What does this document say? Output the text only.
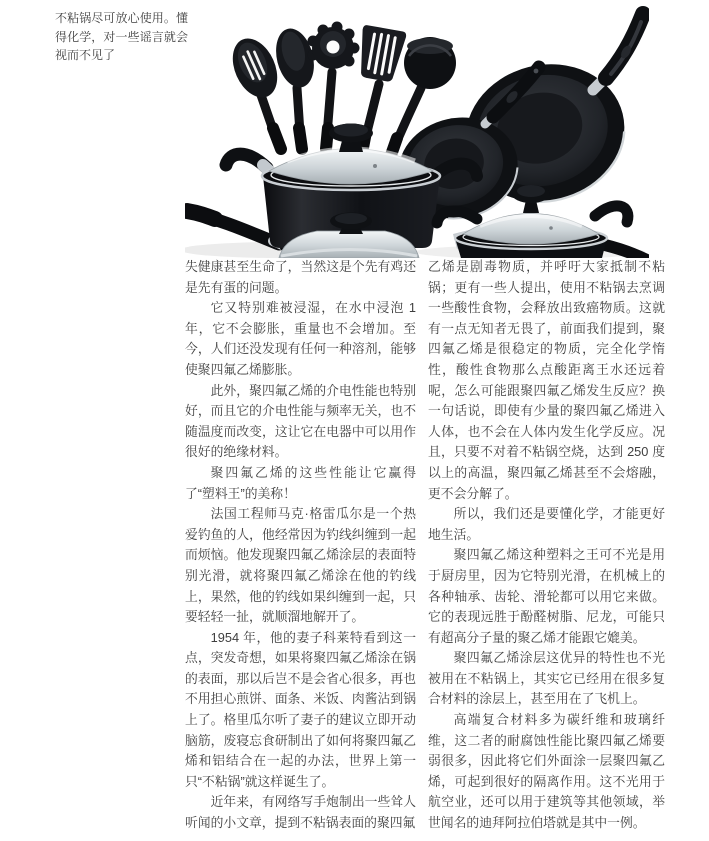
不粘锅尽可放心使用。懂得化学，对一些谣言就会视而不见了

失健康甚至生命了，当然这是个先有鸡还是先有蛋的问题。

它又特别难被浸湿，在水中浸泡 1 年，它不会膨胀，重量也不会增加。至今，人们还没发现有任何一种溶剂，能够使聚四氟乙烯膨胀。

此外，聚四氟乙烯的介电性能也特别好，而且它的介电性能与频率无关，也不随温度而改变，这让它在电器中可以用作很好的绝缘材料。

聚四氟乙烯的这些性能让它赢得了“塑料王”的美称！

法国工程师马克·格雷瓜尔是一个热爱钓鱼的人，他经常因为钓线纠缠到一起而烦恼。他发现聚四氟乙烯涂层的表面特别光滑，就将聚四氟乙烯涂在他的钓线上，果然，他的钓线如果纠缠到一起，只要轻轻一扯，就顺溜地解开了。

1954 年，他的妻子科莱特看到这一点，突发奇想，如果将聚四氟乙烯涂在锅的表面，那以后岂不是会省心很多，再也不用担心煎饼、面条、米饭、肉酱沾到锅上了。格里瓜尔听了妻子的建议立即开动脑筋，废寝忘食研制出了如何将聚四氟乙烯和铝结合在一起的办法，世界上第一只“不粘锅”就这样诞生了。

近年来，有网络写手炮制出一些耸人听闻的小文章，提到不粘锅表面的聚四氟

乙烯是剧毒物质，并呼吁大家抵制不粘锅；更有一些人提出，使用不粘锅去烹调一些酸性食物，会释放出致癌物质。这就有一点无知者无畏了，前面我们提到，聚四氟乙烯是很稳定的物质，完全化学惰性，酸性食物那么点酸距离王水还远着呢，怎么可能跟聚四氟乙烯发生反应？换一句话说，即使有少量的聚四氟乙烯进入人体，也不会在人体内发生化学反应。况且，只要不对着不粘锅空烧，达到 250 度以上的高温，聚四氟乙烯甚至不会熔融，更不会分解了。

所以，我们还是要懂化学，才能更好地生活。

聚四氟乙烯这种塑料之王可不光是用于厨房里，因为它特别光滑，在机械上的各种轴承、齿轮、滑轮都可以用它来做。它的表现远胜于酚醛树脂、尼龙，可能只有超高分子量的聚乙烯才能跟它媲美。

聚四氟乙烯涂层这优异的特性也不光被用在不粘锅上，其实它已经用在很多复合材料的涂层上，甚至用在了飞机上。

高端复合材料多为碳纤维和玻璃纤维，这二者的耐腐蚀性能比聚四氟乙烯要弱很多，因此将它们外面涂一层聚四氟乙烯，可起到很好的隔离作用。这不光用于航空业，还可以用于建筑等其他领域，举世闻名的迪拜阿拉伯塔就是其中一例。
